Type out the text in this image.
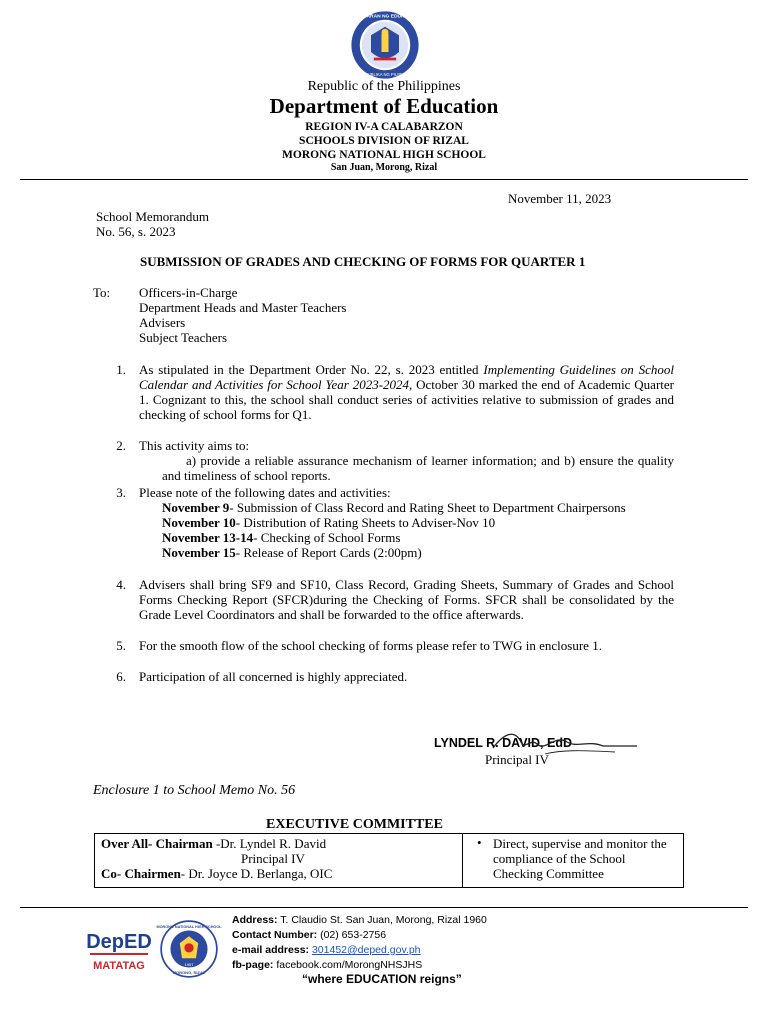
KAGAWARAN NG EDUKASYON
REPUBLIKA NG PILIPINAS
Republic of the Philippines
Department of Education
REGION IV-A CALABARZON
SCHOOLS DIVISION OF RIZAL
MORONG NATIONAL HIGH SCHOOL
San Juan, Morong, Rizal
November 11, 2023
School Memorandum
No. 56, s. 2023
SUBMISSION OF GRADES AND CHECKING OF FORMS FOR QUARTER 1
To: Officers-in-Charge
Department Heads and Master Teachers
Advisers
Subject Teachers
1. As stipulated in the Department Order No. 22, s. 2023 entitled Implementing Guidelines on School Calendar and Activities for School Year 2023-2024, October 30 marked the end of Academic Quarter 1. Cognizant to this, the school shall conduct series of activities relative to submission of grades and checking of school forms for Q1.
2. This activity aims to:
a) provide a reliable assurance mechanism of learner information; and b) ensure the quality and timeliness of school reports.
3. Please note of the following dates and activities:
November 9- Submission of Class Record and Rating Sheet to Department Chairpersons
November 10- Distribution of Rating Sheets to Adviser-Nov 10
November 13-14- Checking of School Forms
November 15- Release of Report Cards (2:00pm)
4. Advisers shall bring SF9 and SF10, Class Record, Grading Sheets, Summary of Grades and School Forms Checking Report (SFCR)during the Checking of Forms. SFCR shall be consolidated by the Grade Level Coordinators and shall be forwarded to the office afterwards.
5. For the smooth flow of the school checking of forms please refer to TWG in enclosure 1.
6. Participation of all concerned is highly appreciated.
LYNDEL R. DAVID, EdD
Principal IV
Enclosure 1 to School Memo No. 56
EXECUTIVE COMMITTEE
Over All- Chairman -Dr. Lyndel R. David
Principal IV
Co- Chairmen- Dr. Joyce D. Berlanga, OIC

• Direct, supervise and monitor the compliance of the School Checking Committee
DepED
MATATAG
MORONG NATIONAL HIGH SCHOOL
MORONG, RIZAL
1957
Address: T. Claudio St. San Juan, Morong, Rizal 1960
Contact Number: (02) 653-2756
e-mail address: 301452@deped.gov.ph
fb-page: facebook.com/MorongNHSJHS
“where EDUCATION reigns”
